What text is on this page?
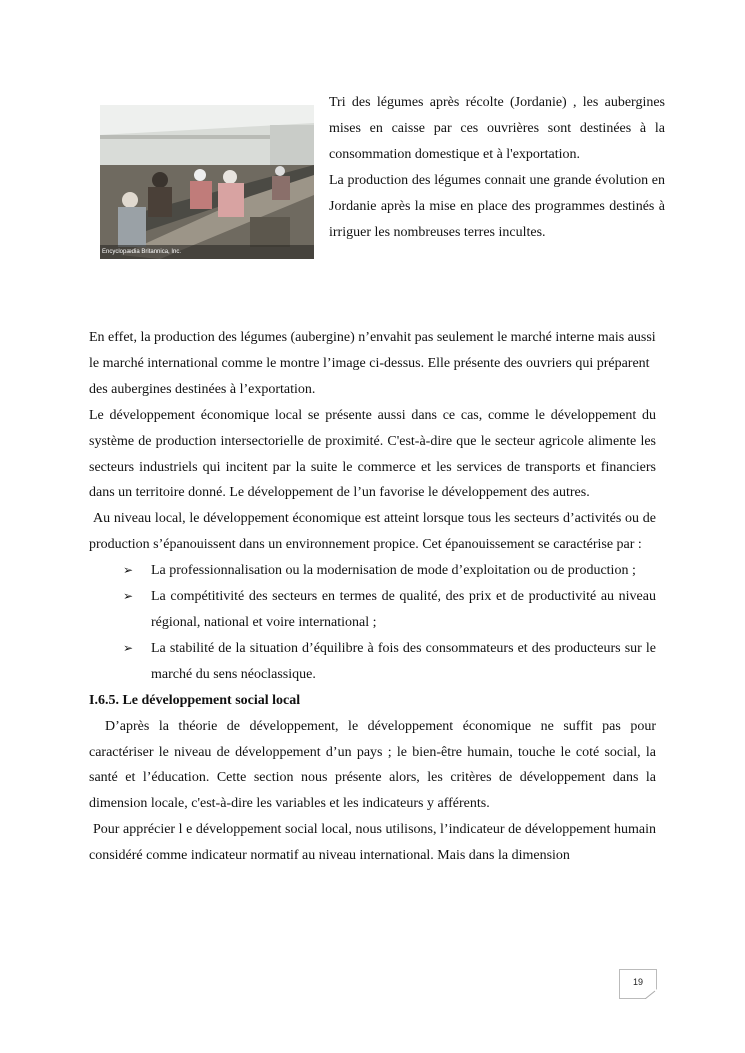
Encyclopædia Britannica, Inc.

Tri des légumes après récolte (Jordanie) , les aubergines mises en caisse par ces ouvrières sont destinées à la consommation domestique et à l'exportation.

La production des légumes connait une grande évolution en Jordanie après la mise en place des programmes destinés à irriguer les nombreuses terres incultes.

En effet, la production des légumes (aubergine) n’envahit pas seulement le marché interne mais aussi le marché international comme le montre l’image ci-dessus. Elle présente des ouvriers qui préparent des aubergines destinées à l’exportation.

Le développement économique local se présente aussi dans ce cas, comme le développement du système de production intersectorielle de proximité. C'est-à-dire que le secteur agricole alimente les secteurs industriels qui incitent par la suite le commerce et les services de transports et financiers dans un territoire donné. Le développement de l’un favorise le développement des autres.

Au niveau local, le développement économique est atteint lorsque tous les secteurs d’activités ou de production s’épanouissent dans un environnement propice. Cet épanouissement se caractérise par :

➢ La professionnalisation ou la modernisation de mode d’exploitation ou de production ;
➢ La compétitivité des secteurs en termes de qualité, des prix et de productivité au niveau régional, national et voire international ;
➢ La stabilité de la situation d’équilibre à fois des consommateurs et des producteurs sur le marché du sens néoclassique.

I.6.5. Le développement social local

D’après la théorie de développement, le développement économique ne suffit pas pour caractériser le niveau de développement d’un pays ; le bien-être humain, touche le coté social, la santé et l’éducation. Cette section nous présente alors, les critères de développement dans la dimension locale, c'est-à-dire les variables et les indicateurs y afférents.

Pour apprécier l e développement social local, nous utilisons, l’indicateur de développement humain considéré comme indicateur normatif au niveau international. Mais dans la dimension

19
